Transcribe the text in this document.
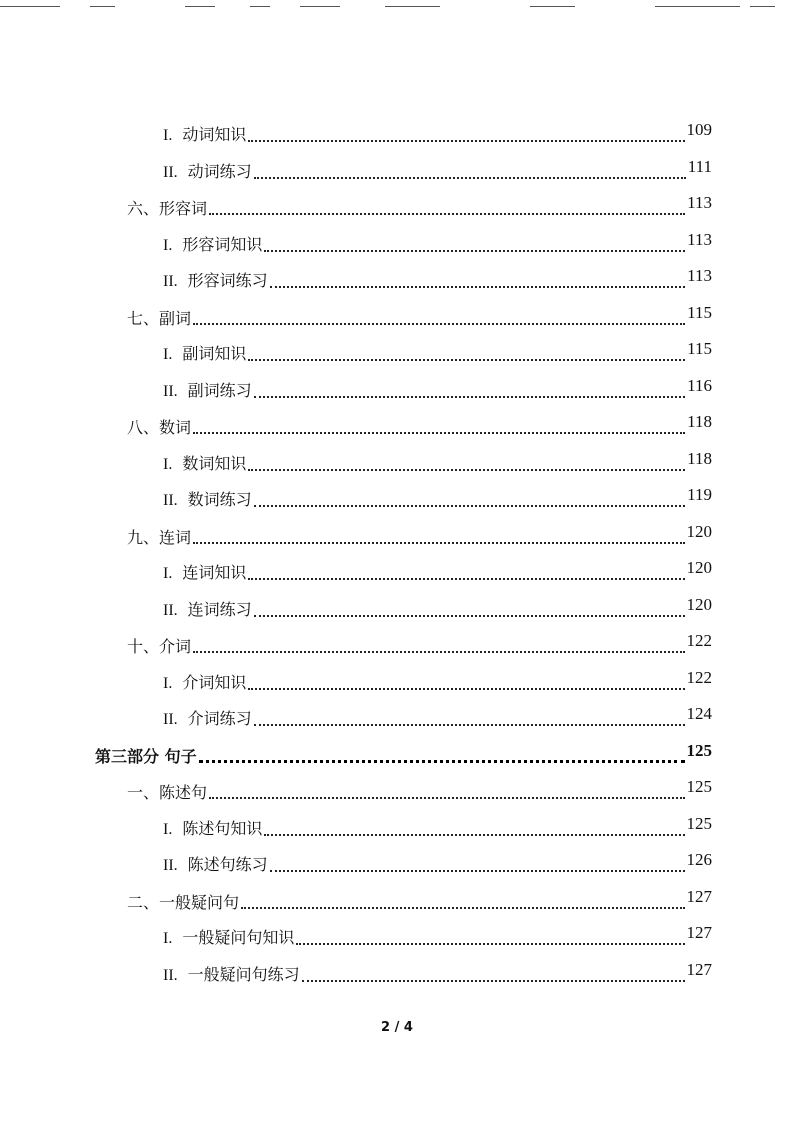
I. 动词知识	109
II. 动词练习	111
六、形容词	113
I. 形容词知识	113
II. 形容词练习	113
七、副词	115
I. 副词知识	115
II. 副词练习	116
八、数词	118
I. 数词知识	118
II. 数词练习	119
九、连词	120
I. 连词知识	120
II. 连词练习	120
十、介词	122
I. 介词知识	122
II. 介词练习	124
第三部分 句子	125
一、陈述句	125
I. 陈述句知识	125
II. 陈述句练习	126
二、一般疑问句	127
I. 一般疑问句知识	127
II. 一般疑问句练习	127
2 / 4
